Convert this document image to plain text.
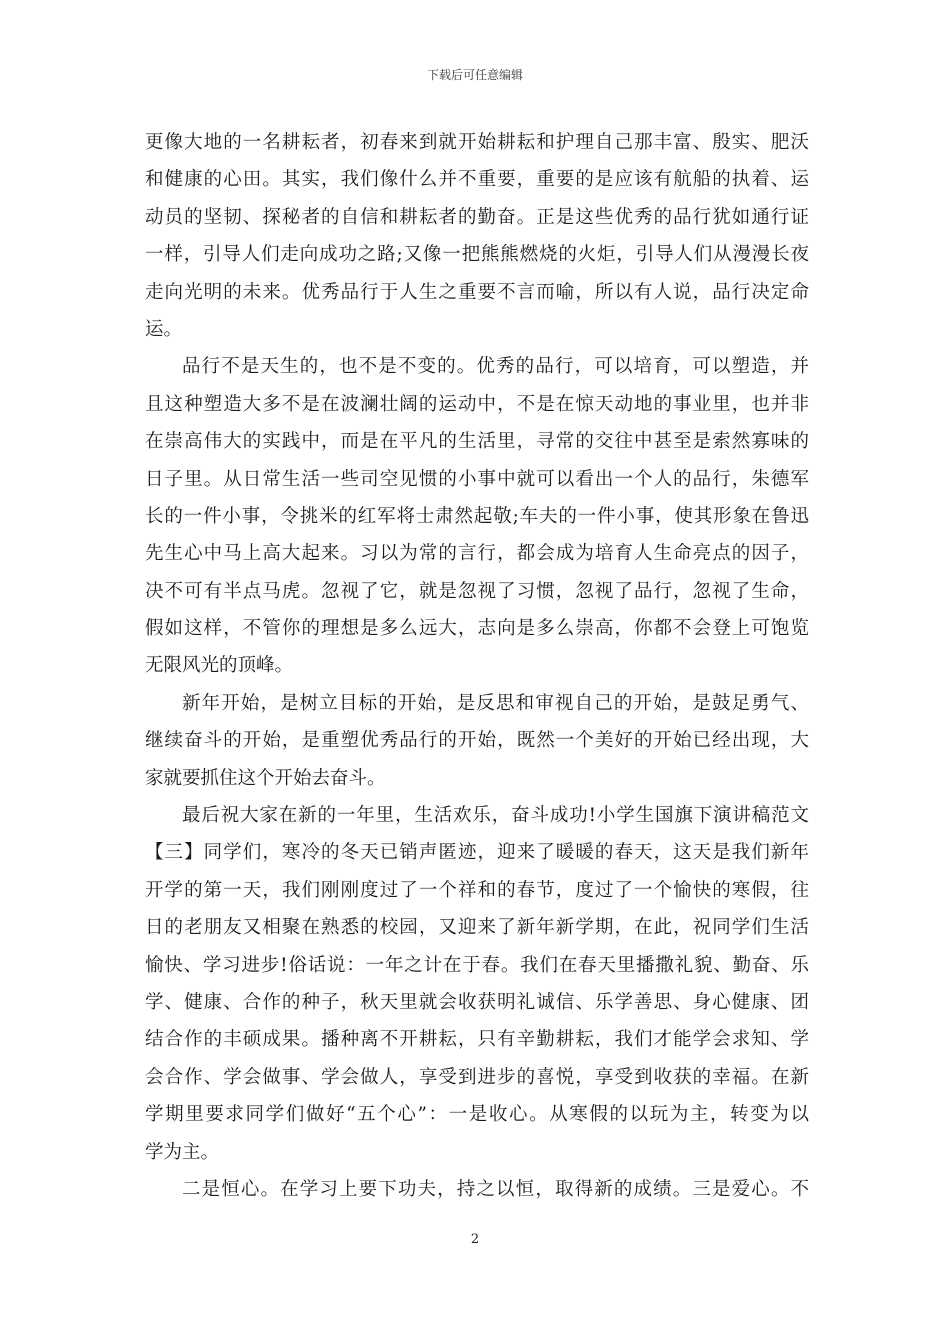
下载后可任意编辑
更像大地的一名耕耘者，初春来到就开始耕耘和护理自己那丰富、殷实、肥沃
和健康的心田。其实，我们像什么并不重要，重要的是应该有航船的执着、运
动员的坚韧、探秘者的自信和耕耘者的勤奋。正是这些优秀的品行犹如通行证
一样，引导人们走向成功之路;又像一把熊熊燃烧的火炬，引导人们从漫漫长夜
走向光明的未来。优秀品行于人生之重要不言而喻，所以有人说，品行决定命
运。
品行不是天生的，也不是不变的。优秀的品行，可以培育，可以塑造，并
且这种塑造大多不是在波澜壮阔的运动中，不是在惊天动地的事业里，也并非
在崇高伟大的实践中，而是在平凡的生活里，寻常的交往中甚至是索然寡味的
日子里。从日常生活一些司空见惯的小事中就可以看出一个人的品行，朱德军
长的一件小事，令挑米的红军将士肃然起敬;车夫的一件小事，使其形象在鲁迅
先生心中马上高大起来。习以为常的言行，都会成为培育人生命亮点的因子，
决不可有半点马虎。忽视了它，就是忽视了习惯，忽视了品行，忽视了生命，
假如这样，不管你的理想是多么远大，志向是多么崇高，你都不会登上可饱览
无限风光的顶峰。
新年开始，是树立目标的开始，是反思和审视自己的开始，是鼓足勇气、
继续奋斗的开始，是重塑优秀品行的开始，既然一个美好的开始已经出现，大
家就要抓住这个开始去奋斗。
最后祝大家在新的一年里，生活欢乐，奋斗成功!小学生国旗下演讲稿范文
【三】同学们，寒冷的冬天已销声匿迹，迎来了暖暖的春天，这天是我们新年
开学的第一天，我们刚刚度过了一个祥和的春节，度过了一个愉快的寒假，往
日的老朋友又相聚在熟悉的校园，又迎来了新年新学期，在此，祝同学们生活
愉快、学习进步!俗话说：一年之计在于春。我们在春天里播撒礼貌、勤奋、乐
学、健康、合作的种子，秋天里就会收获明礼诚信、乐学善思、身心健康、团
结合作的丰硕成果。播种离不开耕耘，只有辛勤耕耘，我们才能学会求知、学
会合作、学会做事、学会做人，享受到进步的喜悦，享受到收获的幸福。在新
学期里要求同学们做好“五个心”：一是收心。从寒假的以玩为主，转变为以
学为主。
二是恒心。在学习上要下功夫，持之以恒，取得新的成绩。三是爱心。不
2
